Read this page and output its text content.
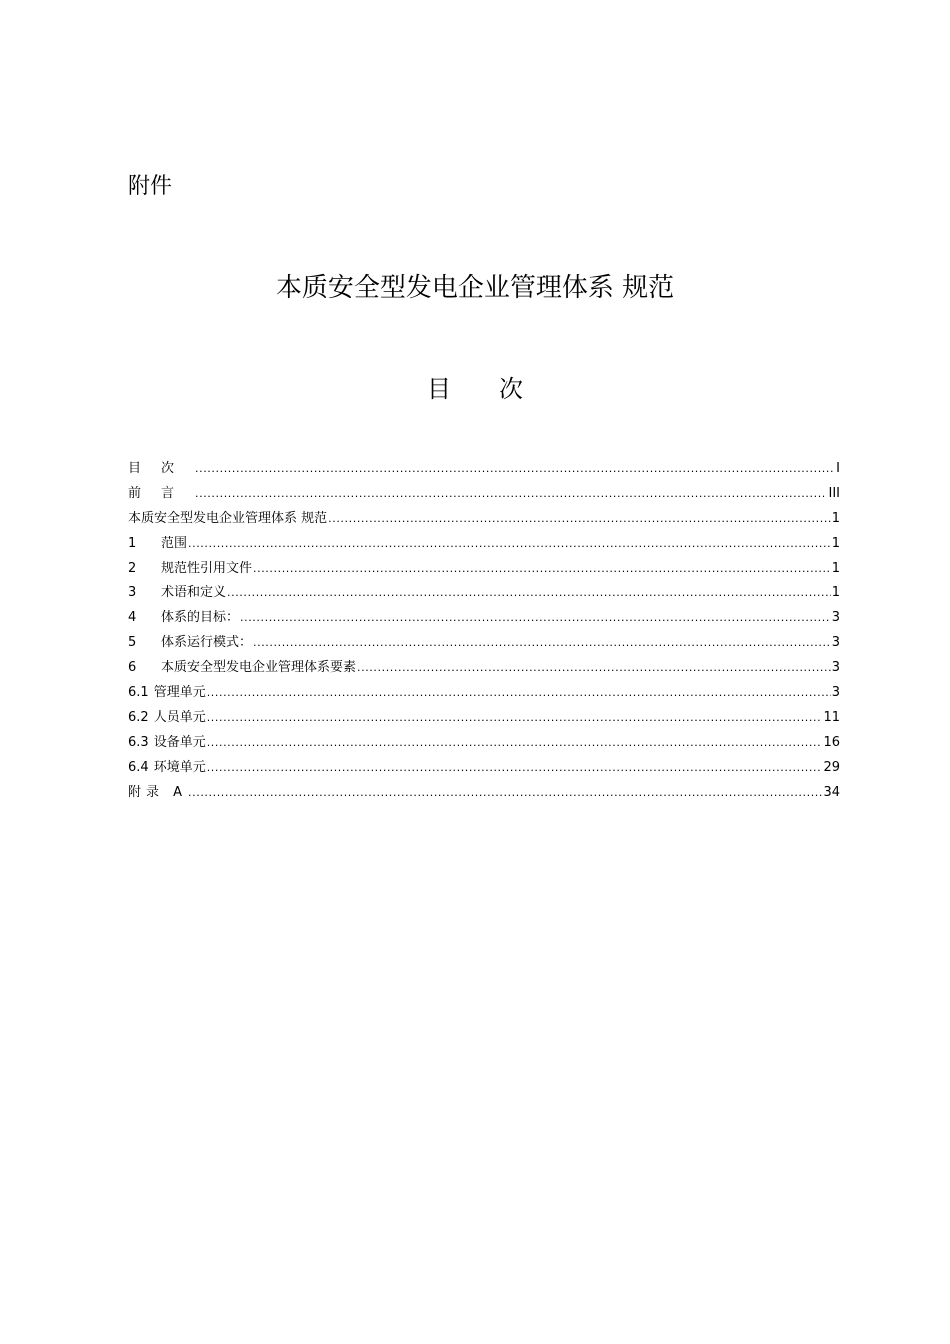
附件
本质安全型发电企业管理体系 规范
目次
目次 .....	I
前言 .....	III
本质安全型发电企业管理体系 规范 .....	1
1	范围 .....	1
2	规范性引用文件 .....	1
3	术语和定义 .....	1
4	体系的目标： .....	3
5	体系运行模式： .....	3
6	本质安全型发电企业管理体系要素 .....	3
6.1 管理单元 .....	3
6.2 人员单元 .....	11
6.3 设备单元 .....	16
6.4 环境单元 .....	29
附录 A .....	34
